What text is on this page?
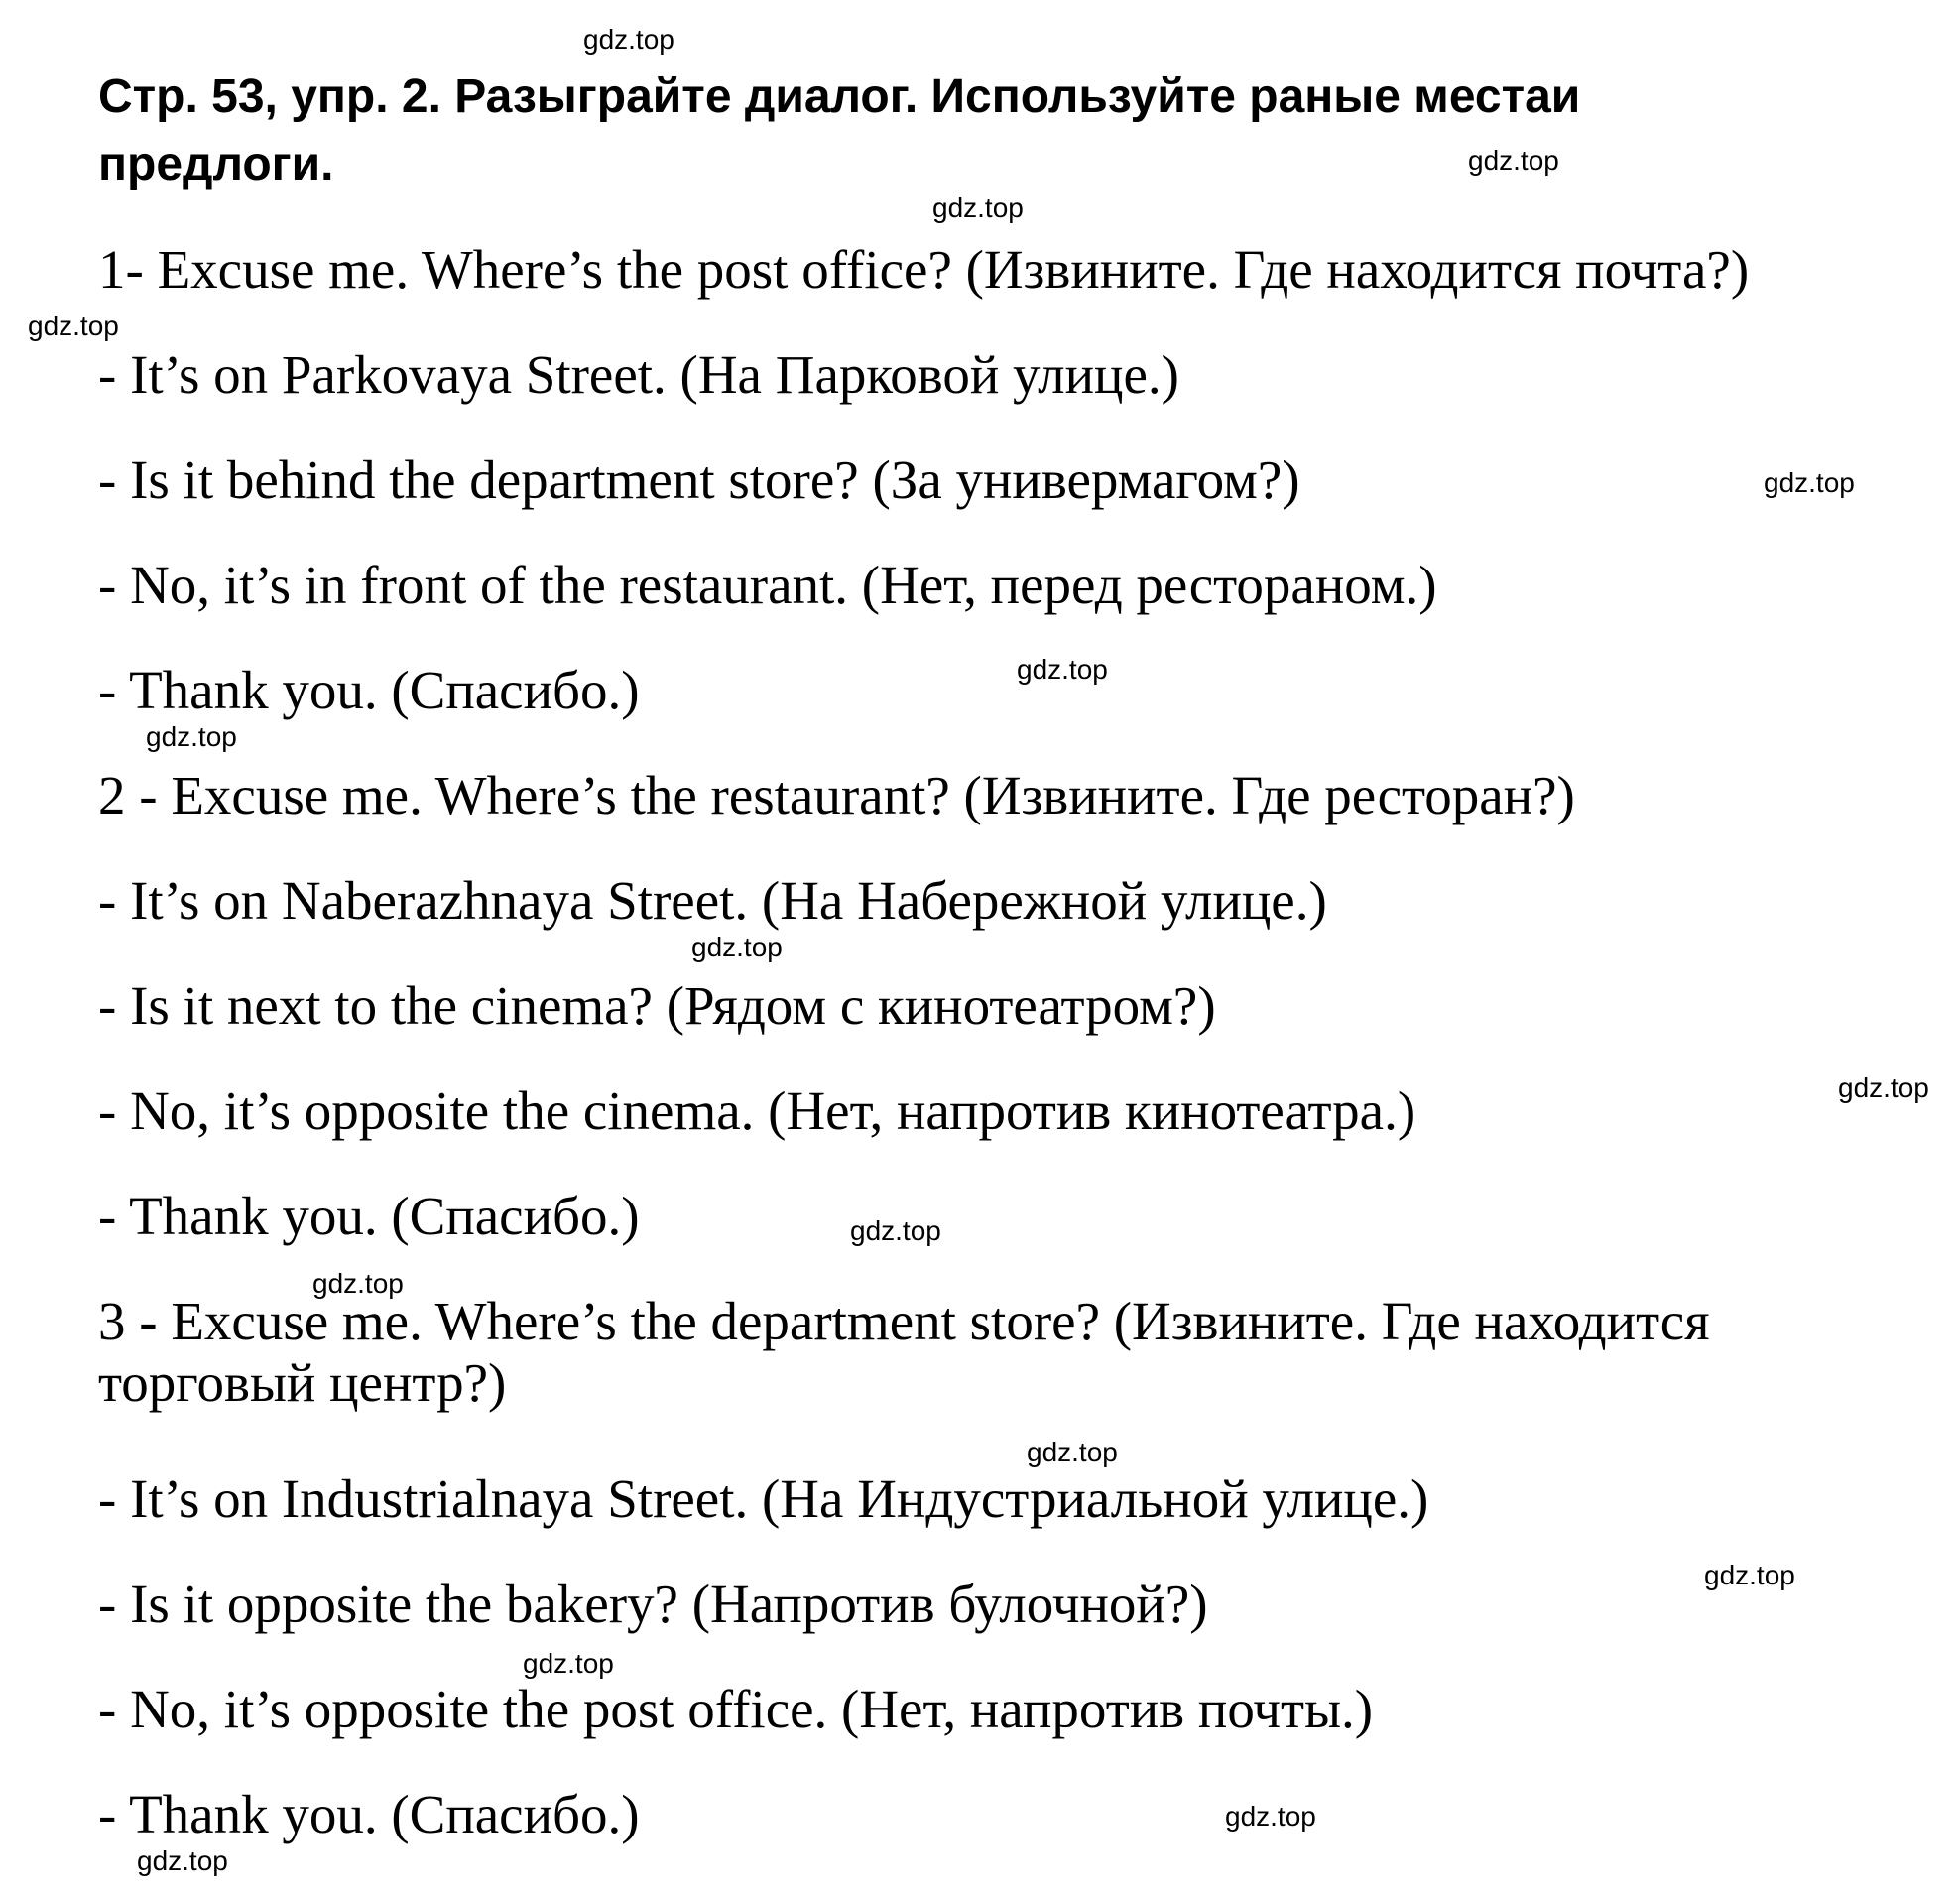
Стр. 53, упр. 2. Разыграйте диалог. Используйте раные местаи предлоги.

1- Excuse me. Where’s the post office? (Извините. Где находится почта?)

- It’s on Parkovaya Street. (На Парковой улице.)

- Is it behind the department store? (За универмагом?)

- No, it’s in front of the restaurant. (Нет, перед рестораном.)

- Thank you. (Спасибо.)

2 - Excuse me. Where’s the restaurant? (Извините. Где ресторан?)

- It’s on Naberazhnaya Street. (На Набережной улице.)

- Is it next to the cinema? (Рядом с кинотеатром?)

- No, it’s opposite the cinema. (Нет, напротив кинотеатра.)

- Thank you. (Спасибо.)

3 - Excuse me. Where’s the department store? (Извините. Где находится торговый центр?)

- It’s on Industrialnaya Street. (На Индустриальной улице.)

- Is it opposite the bakery? (Напротив булочной?)

- No, it’s opposite the post office. (Нет, напротив почты.)

- Thank you. (Спасибо.)

gdz.top
gdz.top
gdz.top
gdz.top
gdz.top
gdz.top
gdz.top
gdz.top
gdz.top
gdz.top
gdz.top
gdz.top
gdz.top
gdz.top
gdz.top
gdz.top
